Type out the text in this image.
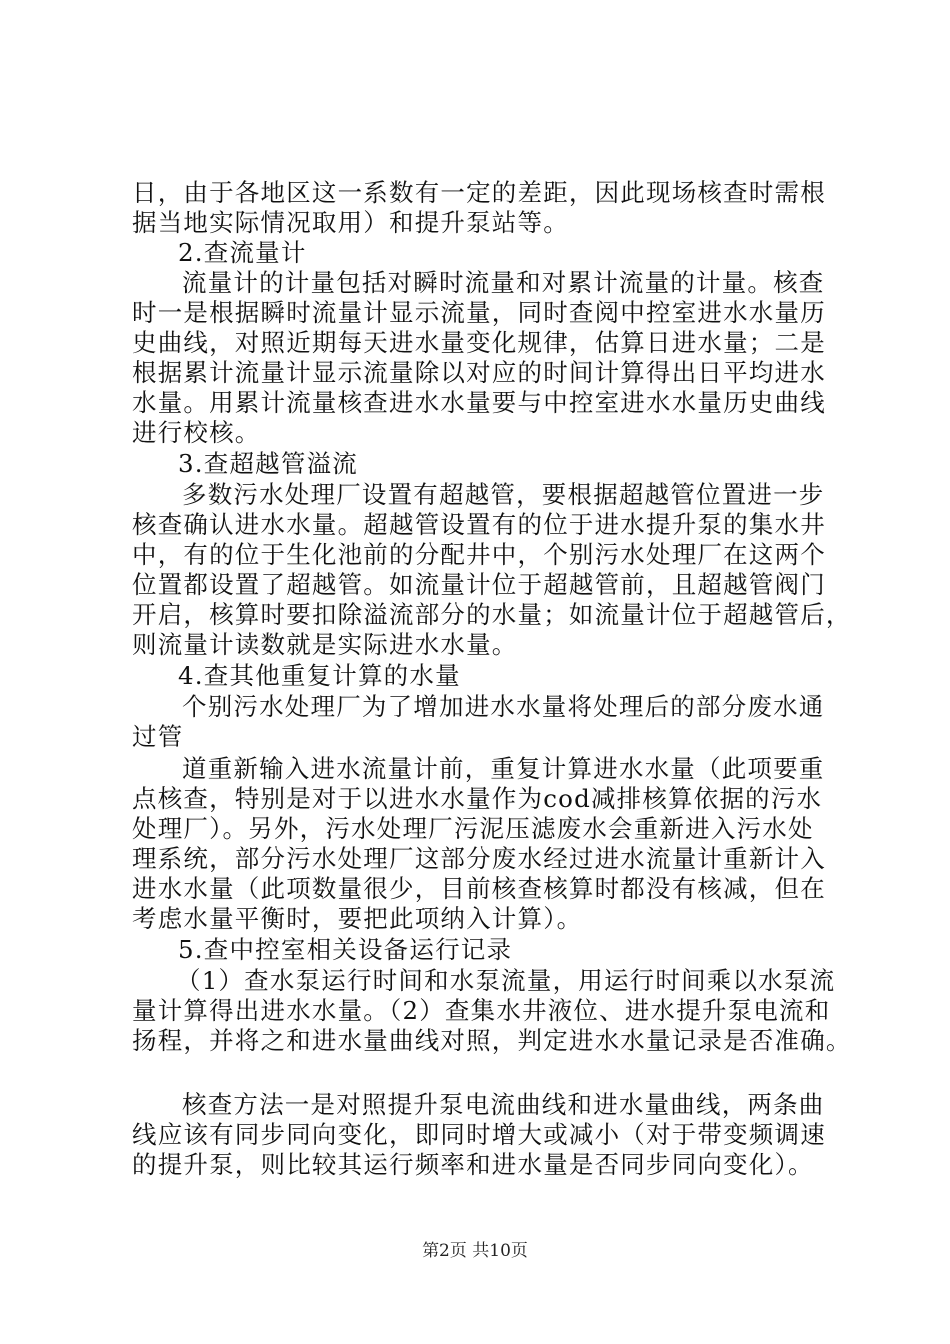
日，由于各地区这一系数有一定的差距，因此现场核查时需根
据当地实际情况取用）和提升泵站等。
2.查流量计
流量计的计量包括对瞬时流量和对累计流量的计量。核查
时一是根据瞬时流量计显示流量，同时查阅中控室进水水量历
史曲线，对照近期每天进水量变化规律，估算日进水量；二是
根据累计流量计显示流量除以对应的时间计算得出日平均进水
水量。用累计流量核查进水水量要与中控室进水水量历史曲线
进行校核。
3.查超越管溢流
多数污水处理厂设置有超越管，要根据超越管位置进一步
核查确认进水水量。超越管设置有的位于进水提升泵的集水井
中，有的位于生化池前的分配井中，个别污水处理厂在这两个
位置都设置了超越管。如流量计位于超越管前，且超越管阀门
开启，核算时要扣除溢流部分的水量；如流量计位于超越管后，
则流量计读数就是实际进水水量。
4.查其他重复计算的水量
个别污水处理厂为了增加进水水量将处理后的部分废水通
过管
道重新输入进水流量计前，重复计算进水水量（此项要重
点核查，特别是对于以进水水量作为cod减排核算依据的污水
处理厂）。另外，污水处理厂污泥压滤废水会重新进入污水处
理系统，部分污水处理厂这部分废水经过进水流量计重新计入
进水水量（此项数量很少，目前核查核算时都没有核减，但在
考虑水量平衡时，要把此项纳入计算）。
5.查中控室相关设备运行记录
（1）查水泵运行时间和水泵流量，用运行时间乘以水泵流
量计算得出进水水量。（2）查集水井液位、进水提升泵电流和
扬程，并将之和进水量曲线对照，判定进水水量记录是否准确。
核查方法一是对照提升泵电流曲线和进水量曲线，两条曲
线应该有同步同向变化，即同时增大或减小（对于带变频调速
的提升泵，则比较其运行频率和进水量是否同步同向变化）。
第2页 共10页
